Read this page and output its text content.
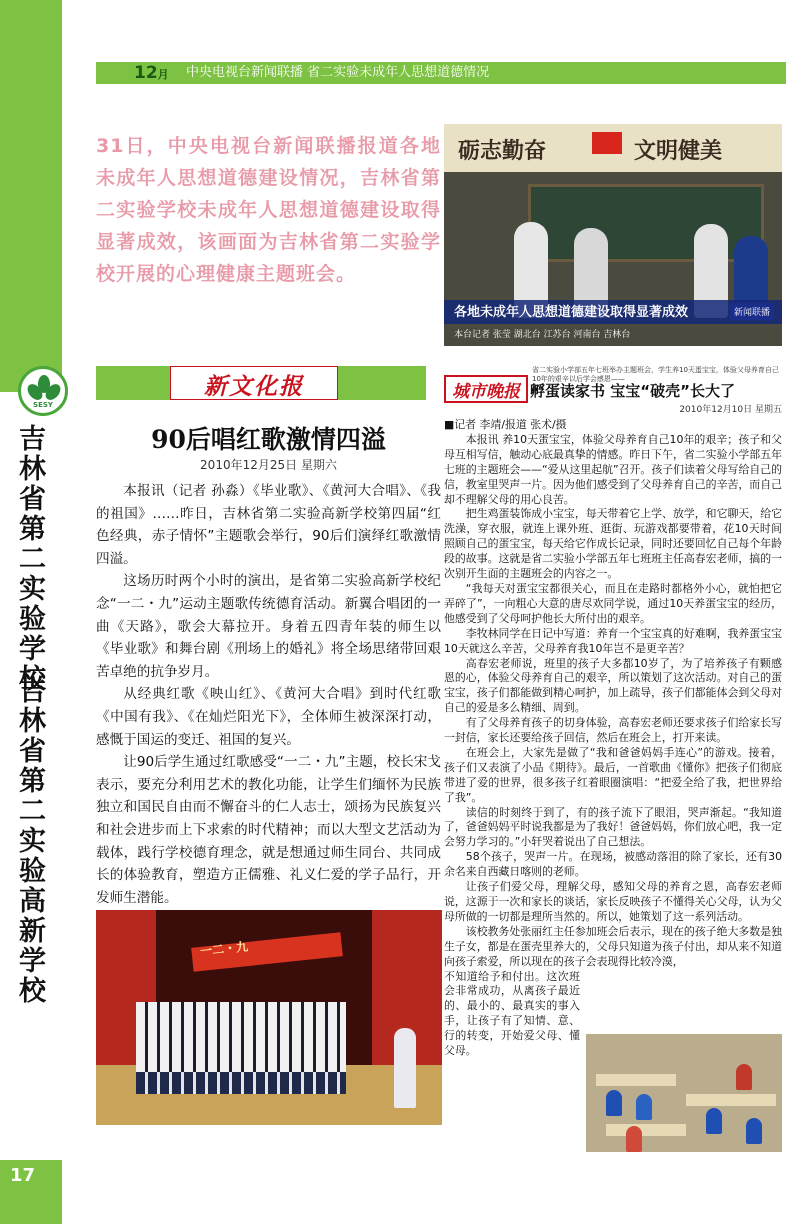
SESY
吉林省第二实验学校
吉林省第二实验高新学校
17
12月 中央电视台新闻联播 省二实验未成年人思想道德情况
31日，中央电视台新闻联播报道各地未成年人思想道德建设情况，吉林省第二实验学校未成年人思想道德建设取得显著成效，该画面为吉林省第二实验学校开展的心理健康主题班会。
砺志勤奋	文明健美
各地未成年人思想道德建设取得显著成效	新闻联播
本台记者 张莹 湖北台 江苏台 河南台 吉林台
新文化报
90后唱红歌激情四溢
2010年12月25日 星期六

本报讯（记者 孙淼）《毕业歌》、《黄河大合唱》、《我的祖国》……昨日，吉林省第二实验高新学校第四届“红色经典，赤子情怀”主题歌会举行，90后们演绎红歌激情四溢。

这场历时两个小时的演出，是省第二实验高新学校纪念“一二・九”运动主题歌传统德育活动。新翼合唱团的一曲《天路》，歌会大幕拉开。身着五四青年装的师生以《毕业歌》和舞台剧《刑场上的婚礼》将全场思绪带回艰苦卓绝的抗争岁月。

从经典红歌《映山红》、《黄河大合唱》到时代红歌《中国有我》、《在灿烂阳光下》，全体师生被深深打动，感慨于国运的变迁、祖国的复兴。

让90后学生通过红歌感受“一二・九”主题，校长宋戈表示，要充分利用艺术的教化功能，让学生们缅怀为民族独立和国民自由而不懈奋斗的仁人志士，颂扬为民族复兴和社会进步而上下求索的时代精神；而以大型文艺活动为载体，践行学校德育理念，就是想通过师生同台、共同成长的体验教育，塑造方正儒雅、礼义仁爱的学子品行，开发师生潜能。

一二・九
城市晚报
省二实验小学部五年七班举办主题班会，学生养10天蛋宝宝，体验父母养育自己10年的艰辛以后学会感恩——
孵蛋读家书 宝宝“破壳”长大了
2010年12月10日 星期五

■记者 李靖/报道 张术/摄

本报讯 养10天蛋宝宝，体验父母养育自己10年的艰辛；孩子和父母互相写信，触动心底最真挚的情感。昨日下午，省二实验小学部五年七班的主题班会——“爱从这里起航”召开。孩子们读着父母写给自己的信，教室里哭声一片。因为他们感受到了父母养育自己的辛苦，而自己却不理解父母的用心良苦。

把生鸡蛋装饰成小宝宝，每天带着它上学、放学，和它聊天，给它洗澡，穿衣服，就连上课外班、逛街、玩游戏都要带着，花10天时间照顾自己的蛋宝宝，每天给它作成长记录，同时还要回忆自己每个年龄段的故事。这就是省二实验小学部五年七班班主任高春宏老师，搞的一次别开生面的主题班会的内容之一。

“我每天对蛋宝宝都很关心，而且在走路时都格外小心，就怕把它弄碎了”，一向粗心大意的唐尽欢同学说，通过10天养蛋宝宝的经历，他感受到了父母呵护他长大所付出的艰辛。

李牧林同学在日记中写道：养育一个宝宝真的好难啊，我养蛋宝宝10天就这么辛苦，父母养育我10年岂不是更辛苦？

高春宏老师说，班里的孩子大多都10岁了，为了培养孩子有颗感恩的心，体验父母养育自己的艰辛，所以策划了这次活动。对自己的蛋宝宝，孩子们都能做到精心呵护，加上疏导，孩子们都能体会到父母对自己的爱是多么精细、周到。

有了父母养育孩子的切身体验，高春宏老师还要求孩子们给家长写一封信，家长还要给孩子回信，然后在班会上，打开来读。

在班会上，大家先是做了“我和爸爸妈妈手连心”的游戏。接着，孩子们又表演了小品《期待》。最后，一首歌曲《懂你》把孩子们彻底带进了爱的世界，很多孩子红着眼圈演唱：“把爱全给了我，把世界给了我”。

读信的时刻终于到了，有的孩子流下了眼泪，哭声渐起。“我知道了，爸爸妈妈平时说我都是为了我好！爸爸妈妈，你们放心吧，我一定会努力学习的。”小轩哭着说出了自己想法。

58个孩子，哭声一片。在现场，被感动落泪的除了家长，还有30余名来自西藏日喀则的老师。

让孩子们爱父母，理解父母，感知父母的养育之恩，高春宏老师说，这源于一次和家长的谈话，家长反映孩子不懂得关心父母，认为父母所做的一切都是理所当然的。所以，她策划了这一系列活动。

该校教务处张丽红主任参加班会后表示，现在的孩子绝大多数是独生子女，都是在蛋壳里养大的，父母只知道为孩子付出，却从来不知道向孩子索爱，所以现在的孩子会表现得比较冷漠，

不知道给予和付出。这次班会非常成功，从离孩子最近的、最小的、最真实的事入手，让孩子有了知情、意、行的转变，开始爱父母、懂父母。
